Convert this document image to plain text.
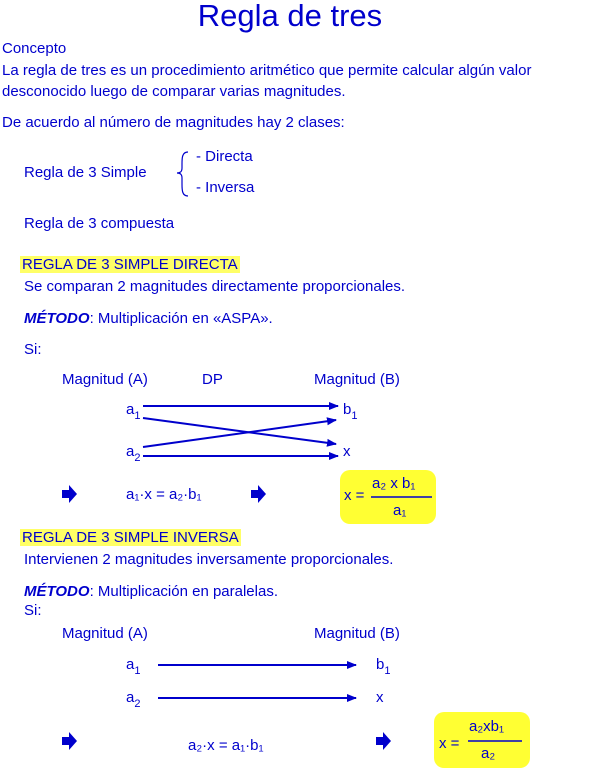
Regla de tres
Concepto
La regla de tres es un procedimiento aritmético que permite calcular algún valor
desconocido luego de comparar varias magnitudes.
De acuerdo al número de magnitudes hay 2 clases:
Regla de 3 Simple
- Directa
- Inversa
Regla de 3 compuesta
REGLA DE 3 SIMPLE DIRECTA
Se comparan 2 magnitudes directamente proporcionales.
MÉTODO: Multiplicación en «ASPA».
Si:
Magnitud (A)	DP	Magnitud (B)
$a_1$
$a_2$
$b_1$
x
a₁·x = a₂·b₁	x =
a₂ x b₁
a₁
REGLA DE 3 SIMPLE INVERSA
Intervienen 2 magnitudes inversamente proporcionales.
MÉTODO: Multiplicación en paralelas.
Si:
Magnitud (A)	Magnitud (B)
$a_1$
$a_2$
$b_1$
x
a₂·x = a₁·b₁	x =
a₂xb₁
a₂
